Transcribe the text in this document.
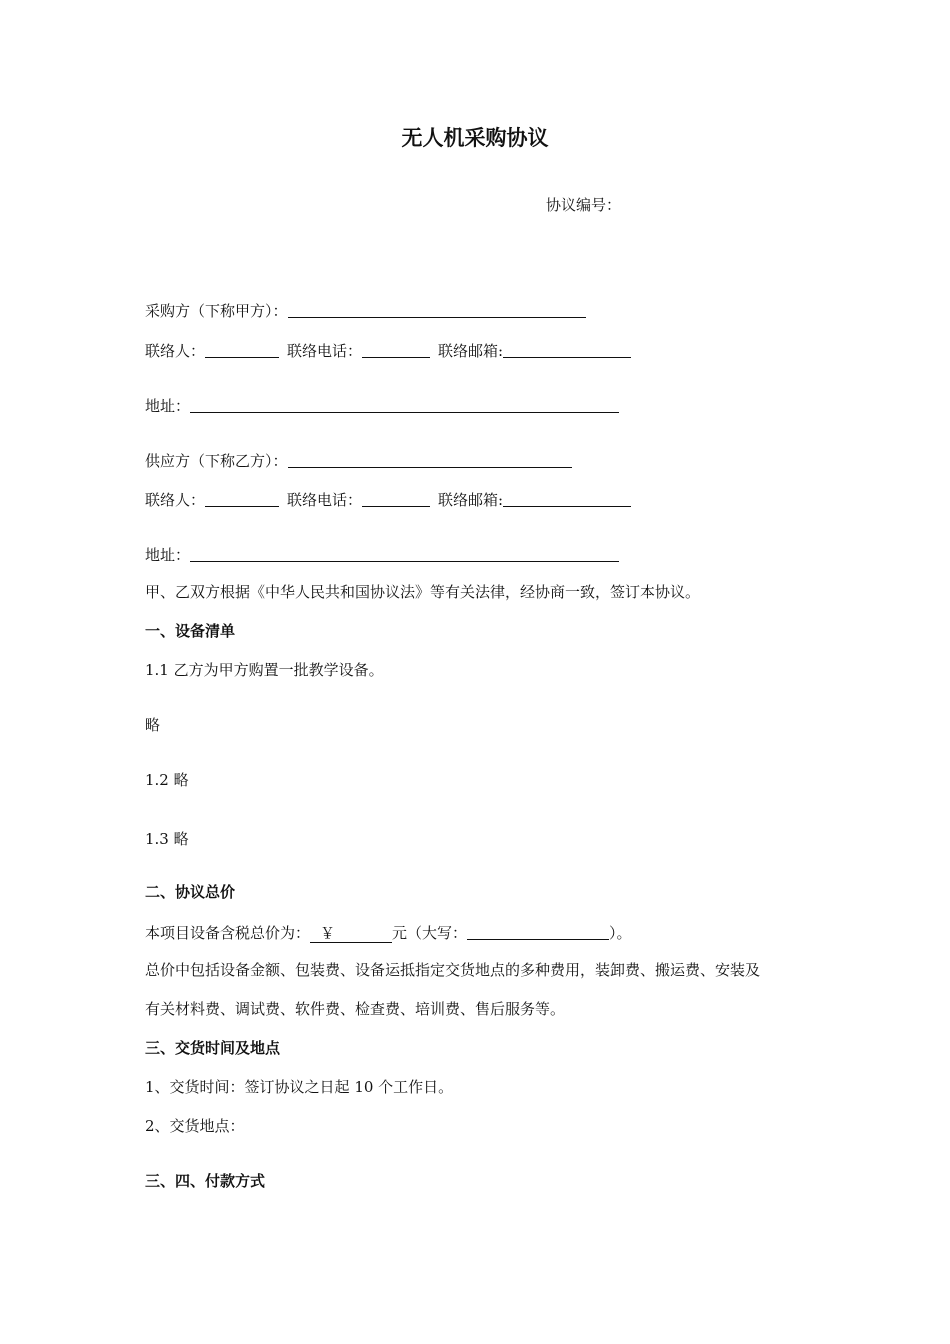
无人机采购协议
协议编号：
采购方（下称甲方）：
联络人：	联络电话：	联络邮箱:
地址：
供应方（下称乙方）：
联络人：	联络电话：	联络邮箱:
地址：
甲、乙双方根据《中华人民共和国协议法》等有关法律，经协商一致，签订本协议。
一、设备清单
1.1 乙方为甲方购置一批教学设备。
略
1.2 略
1.3 略
二、协议总价
本项目设备含税总价为： ￥	元（大写：	）。
总价中包括设备金额、包装费、设备运抵指定交货地点的多种费用，装卸费、搬运费、安装及
有关材料费、调试费、软件费、检查费、培训费、售后服务等。
三、交货时间及地点
1、交货时间：签订协议之日起 10 个工作日。
2、交货地点：
三、四、付款方式
